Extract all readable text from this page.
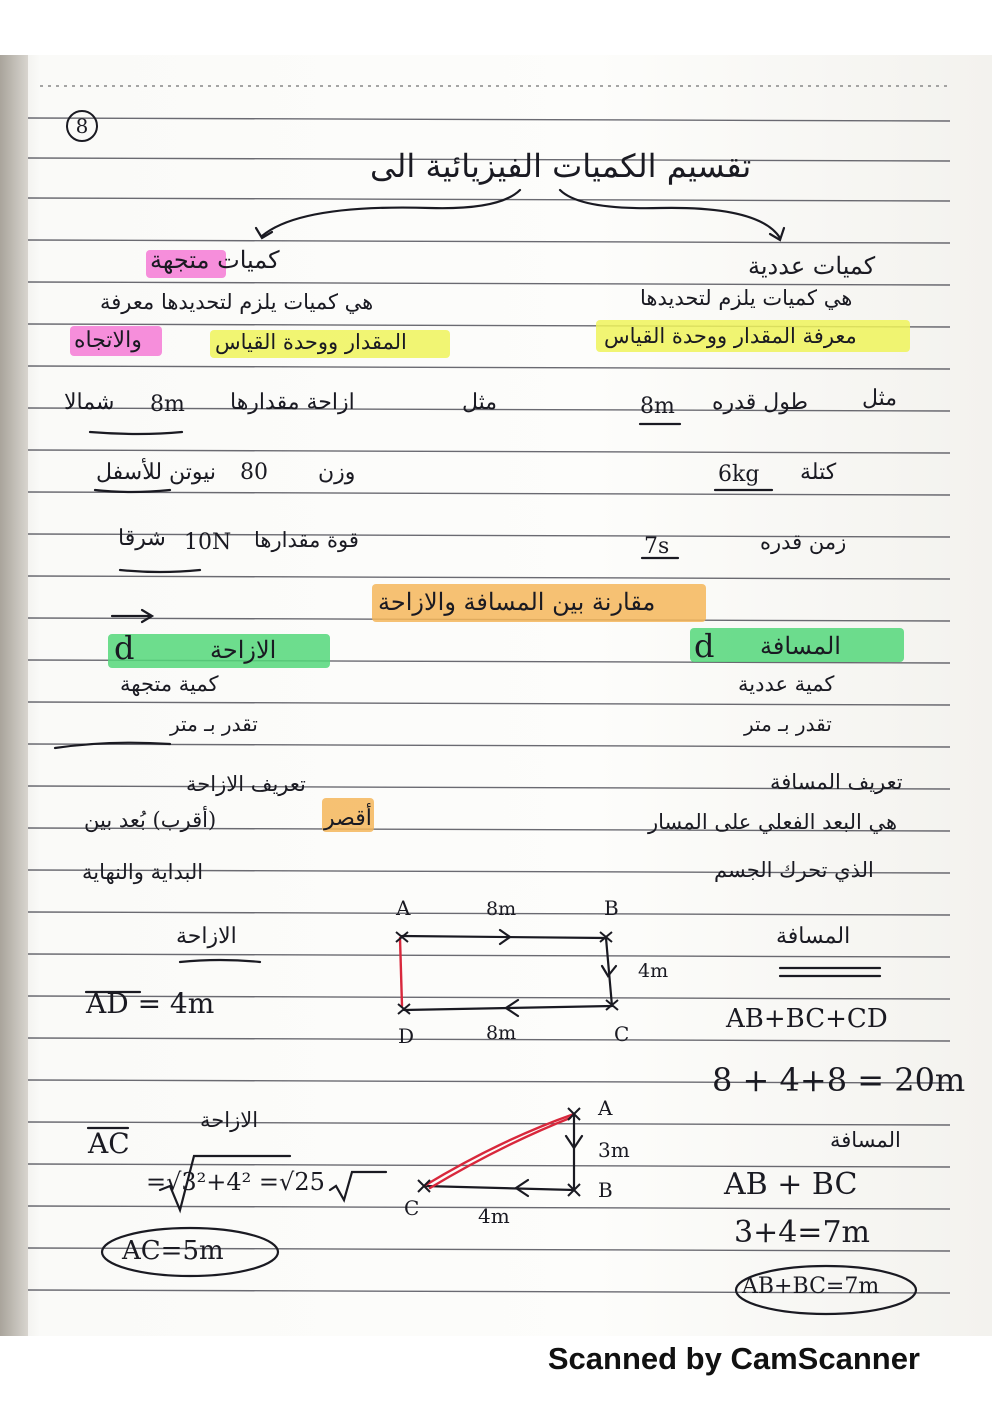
8
تقسيم الكميات الفيزيائية الى
كميات متجهة
هي كميات يلزم لتحديدها معرفة
المقدار ووحدة القياس
والاتجاه
مثل
ازاحة مقدارها
8m
شمالا
وزن
80
نيوتن للأسفل
قوة مقدارها
10N
شرقا
كميات عددية
هي كميات يلزم لتحديدها
معرفة المقدار ووحدة القياس
مثل
طول قدره
8m
كتلة
6kg
زمن قدره
7s
مقارنة بين المسافة والازاحة
الازاحة
d
كمية متجهة
تقدر بـ متر
المسافة
d
كمية عددية
تقدر بـ متر
تعريف الازاحة
أقصر
(أقرب) بُعد بين
البداية والنهاية
تعريف المسافة
هي البعد الفعلي على المسار
الذي تحرك الجسم
الازاحة
AD = 4m
المسافة
AB+BC+CD
8 + 4+8 = 20m
A	B
C
D
8m
4m
8m
الازاحة
AC
=√3²+4² =√25
AC=5m
المسافة
AB + BC
3+4=7m
AB+BC=7m
A
B
C
3m
4m
Scanned by CamScanner
